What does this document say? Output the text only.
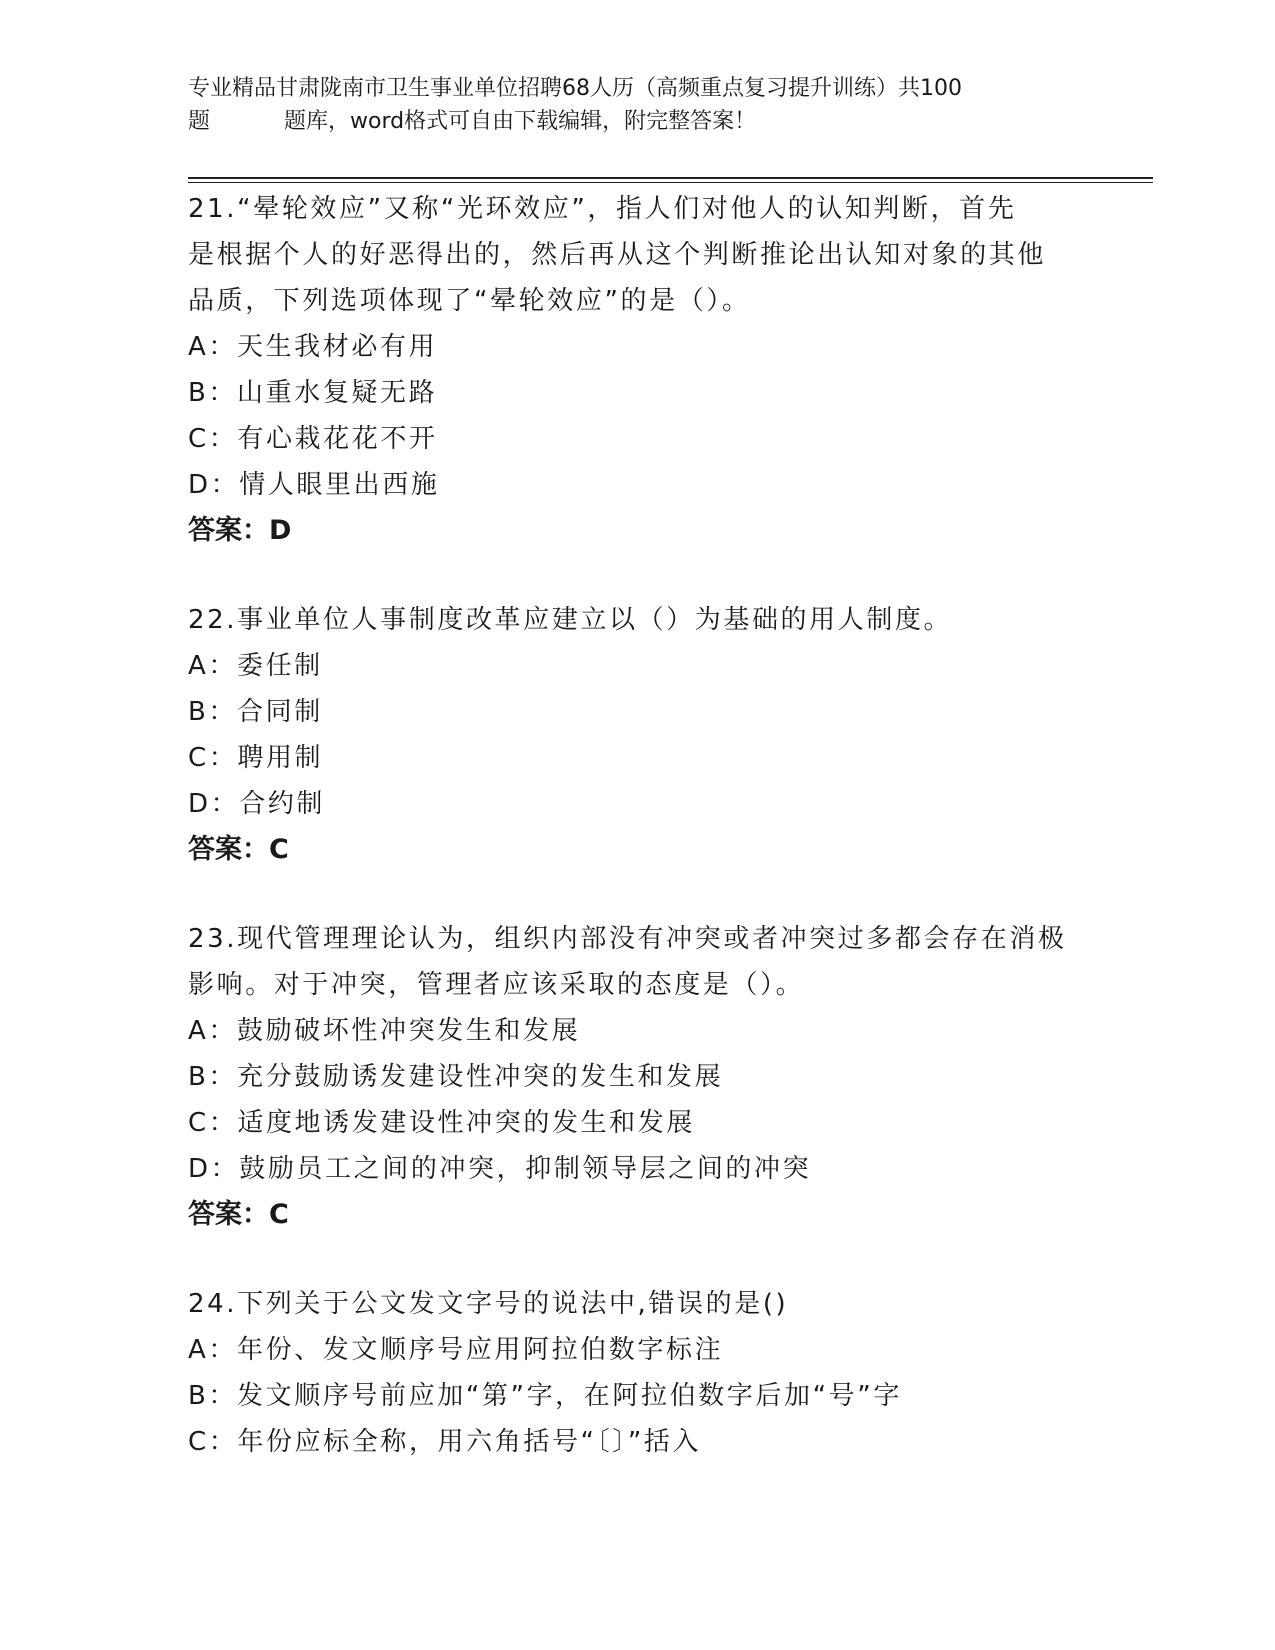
专业精品甘肃陇南市卫生事业单位招聘68人历（高频重点复习提升训练）共100
题	题库，word格式可自由下载编辑，附完整答案！
21.“晕轮效应”又称“光环效应”，指人们对他人的认知判断，首先
是根据个人的好恶得出的，然后再从这个判断推论出认知对象的其他
品质，下列选项体现了“晕轮效应”的是（）。
A：天生我材必有用
B：山重水复疑无路
C：有心栽花花不开
D：情人眼里出西施
答案：D
22.事业单位人事制度改革应建立以（）为基础的用人制度。
A：委任制
B：合同制
C：聘用制
D：合约制
答案：C
23.现代管理理论认为，组织内部没有冲突或者冲突过多都会存在消极
影响。对于冲突，管理者应该采取的态度是（）。
A：鼓励破坏性冲突发生和发展
B：充分鼓励诱发建设性冲突的发生和发展
C：适度地诱发建设性冲突的发生和发展
D：鼓励员工之间的冲突，抑制领导层之间的冲突
答案：C
24.下列关于公文发文字号的说法中,错误的是()
A：年份、发文顺序号应用阿拉伯数字标注
B：发文顺序号前应加“第”字，在阿拉伯数字后加“号”字
C：年份应标全称，用六角括号“〔〕”括入
